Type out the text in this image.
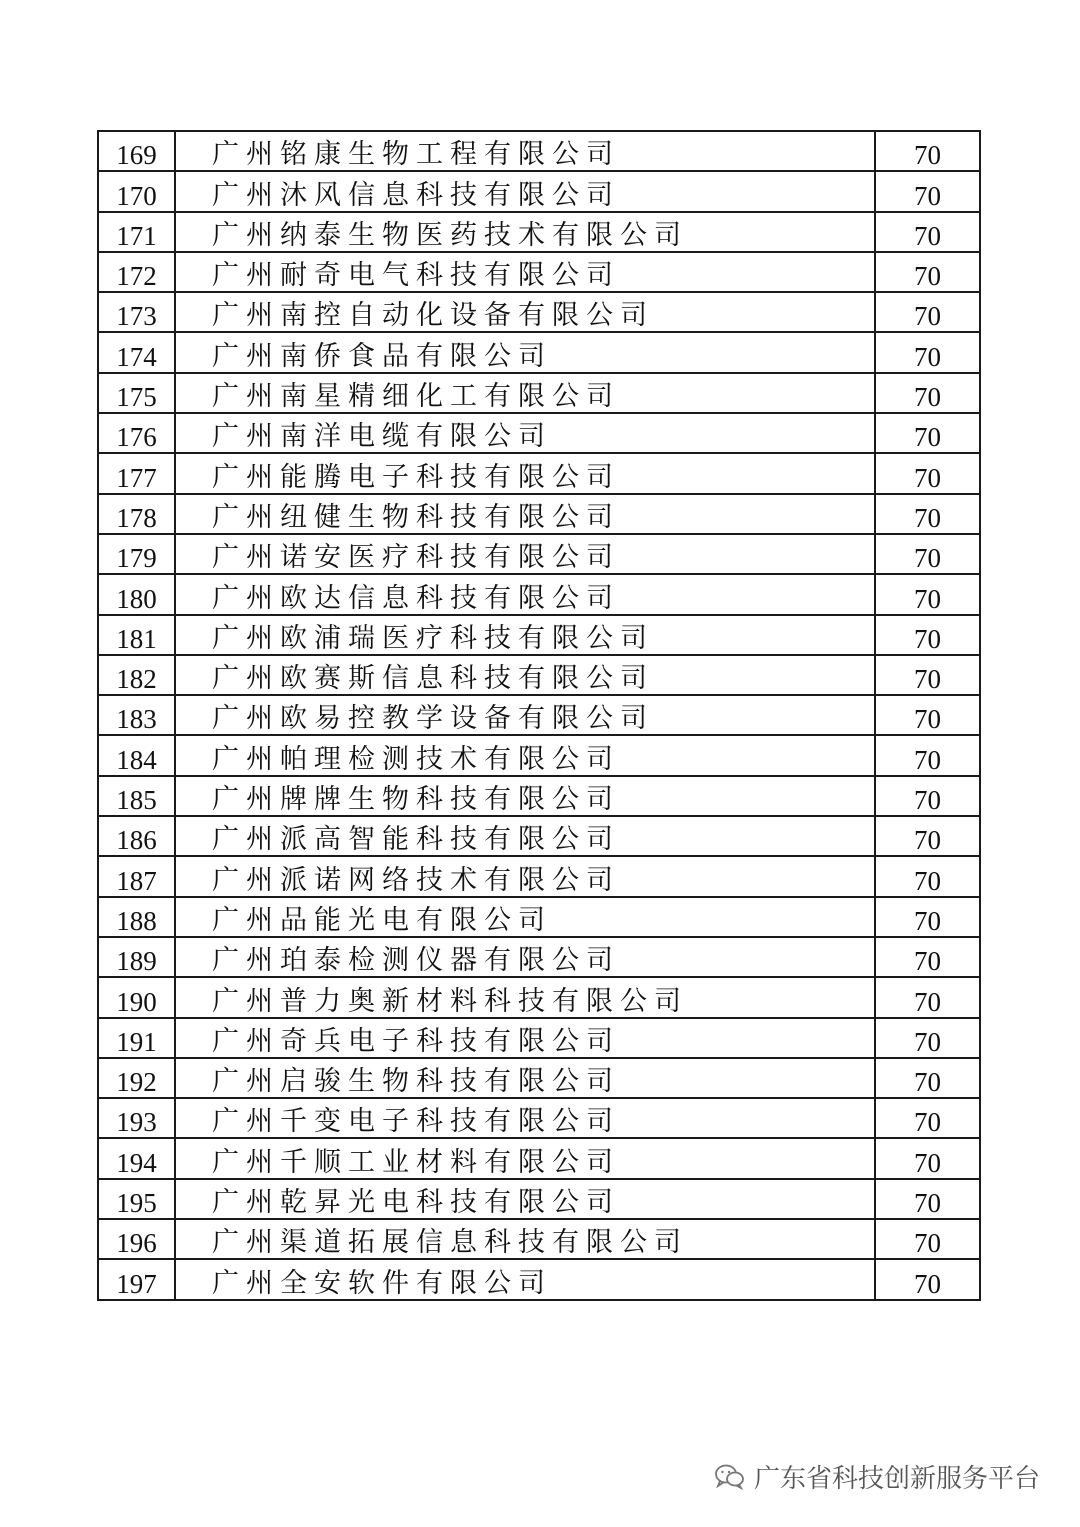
169	广州铭康生物工程有限公司	70
170	广州沐风信息科技有限公司	70
171	广州纳泰生物医药技术有限公司	70
172	广州耐奇电气科技有限公司	70
173	广州南控自动化设备有限公司	70
174	广州南侨食品有限公司	70
175	广州南星精细化工有限公司	70
176	广州南洋电缆有限公司	70
177	广州能腾电子科技有限公司	70
178	广州纽健生物科技有限公司	70
179	广州诺安医疗科技有限公司	70
180	广州欧达信息科技有限公司	70
181	广州欧浦瑞医疗科技有限公司	70
182	广州欧赛斯信息科技有限公司	70
183	广州欧易控教学设备有限公司	70
184	广州帕理检测技术有限公司	70
185	广州牌牌生物科技有限公司	70
186	广州派高智能科技有限公司	70
187	广州派诺网络技术有限公司	70
188	广州品能光电有限公司	70
189	广州珀泰检测仪器有限公司	70
190	广州普力奥新材料科技有限公司	70
191	广州奇兵电子科技有限公司	70
192	广州启骏生物科技有限公司	70
193	广州千变电子科技有限公司	70
194	广州千顺工业材料有限公司	70
195	广州乾昇光电科技有限公司	70
196	广州渠道拓展信息科技有限公司	70
197	广州全安软件有限公司	70
广东省科技创新服务平台
